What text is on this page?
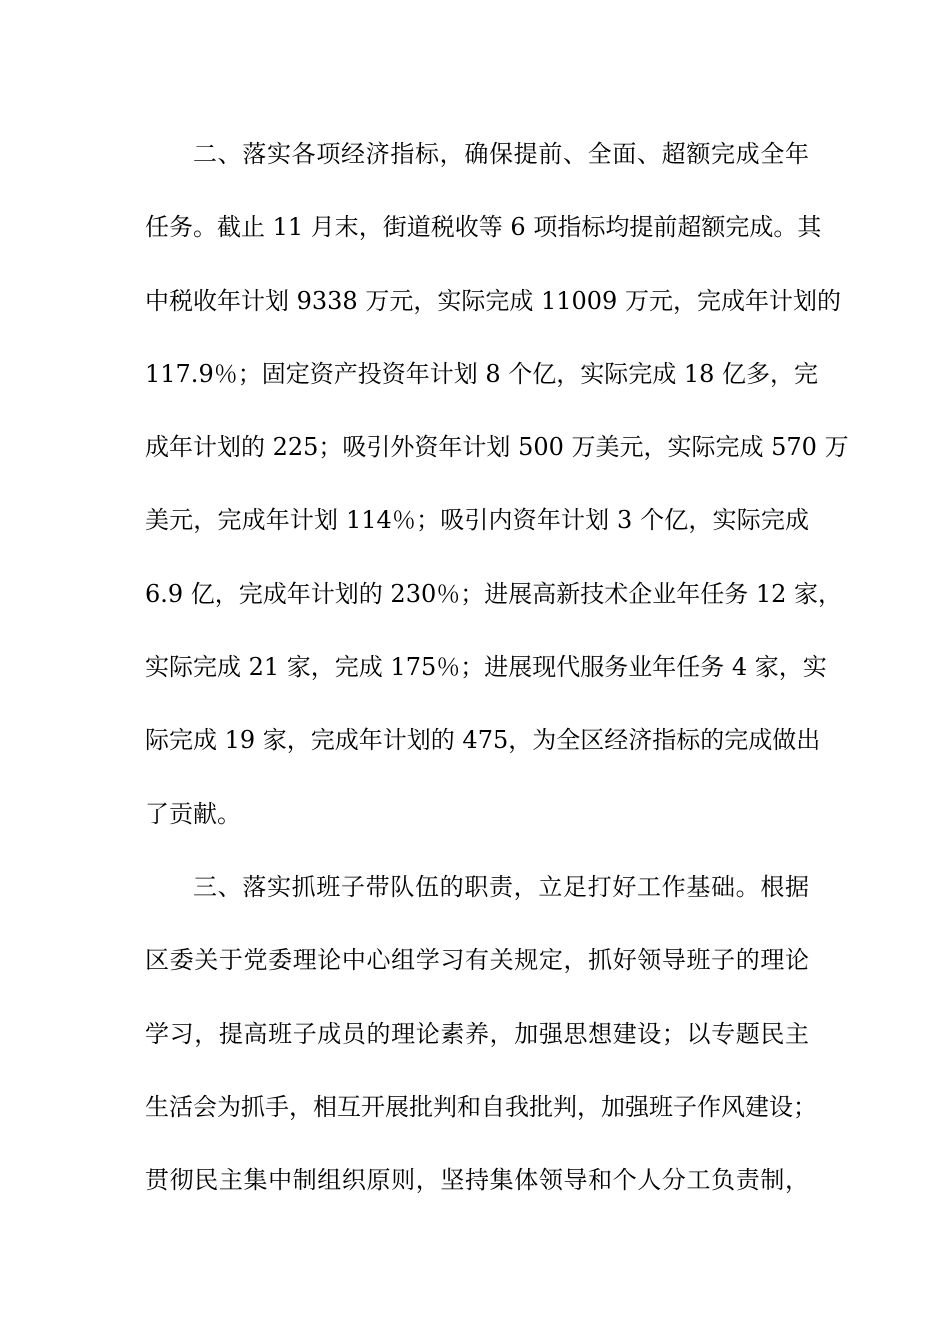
二、落实各项经济指标，确保提前、全面、超额完成全年
任务。截止 11 月末，街道税收等 6 项指标均提前超额完成。其
中税收年计划 9338 万元，实际完成 11009 万元，完成年计划的
117.9％；固定资产投资年计划 8 个亿，实际完成 18 亿多，完
成年计划的 225；吸引外资年计划 500 万美元，实际完成 570 万
美元，完成年计划 114％；吸引内资年计划 3 个亿，实际完成
6.9 亿，完成年计划的 230％；进展高新技术企业年任务 12 家，
实际完成 21 家，完成 175％；进展现代服务业年任务 4 家，实
际完成 19 家，完成年计划的 475，为全区经济指标的完成做出
了贡献。
三、落实抓班子带队伍的职责，立足打好工作基础。根据
区委关于党委理论中心组学习有关规定，抓好领导班子的理论
学习，提高班子成员的理论素养，加强思想建设；以专题民主
生活会为抓手，相互开展批判和自我批判，加强班子作风建设；
贯彻民主集中制组织原则，坚持集体领导和个人分工负责制，
